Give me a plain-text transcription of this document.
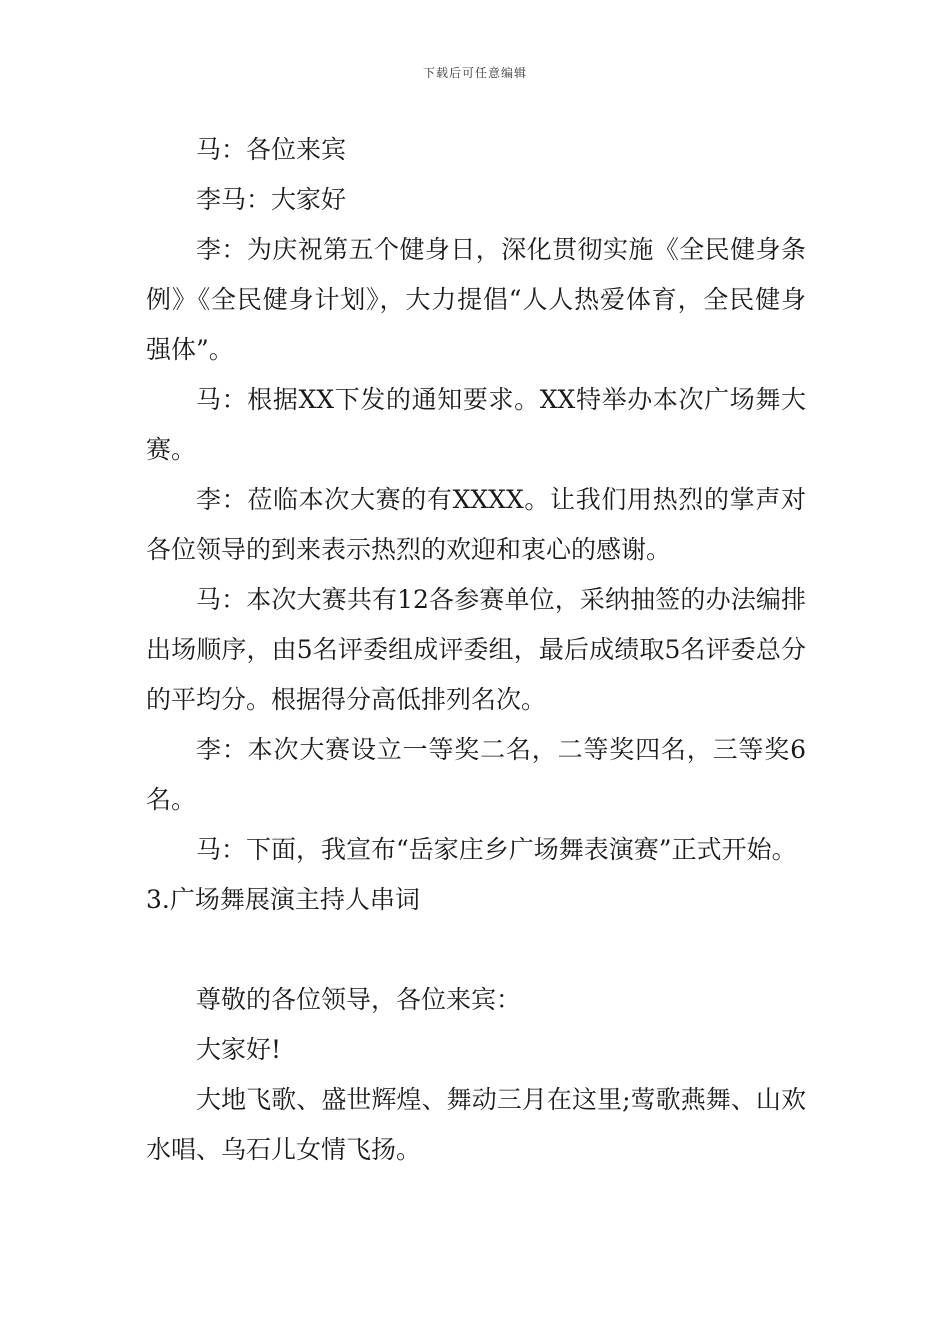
下载后可任意编辑

马：各位来宾

李马：大家好

李：为庆祝第五个健身日，深化贯彻实施《全民健身条例》《全民健身计划》，大力提倡“人人热爱体育，全民健身强体”。

马：根据XX下发的通知要求。XX特举办本次广场舞大赛。

李：莅临本次大赛的有XXXX。让我们用热烈的掌声对各位领导的到来表示热烈的欢迎和衷心的感谢。

马：本次大赛共有12各参赛单位，采纳抽签的办法编排出场顺序，由5名评委组成评委组，最后成绩取5名评委总分的平均分。根据得分高低排列名次。

李：本次大赛设立一等奖二名，二等奖四名，三等奖6名。

马：下面，我宣布“岳家庄乡广场舞表演赛”正式开始。

3.广场舞展演主持人串词

尊敬的各位领导，各位来宾：

大家好!

大地飞歌、盛世辉煌、舞动三月在这里;莺歌燕舞、山欢水唱、乌石儿女情飞扬。
